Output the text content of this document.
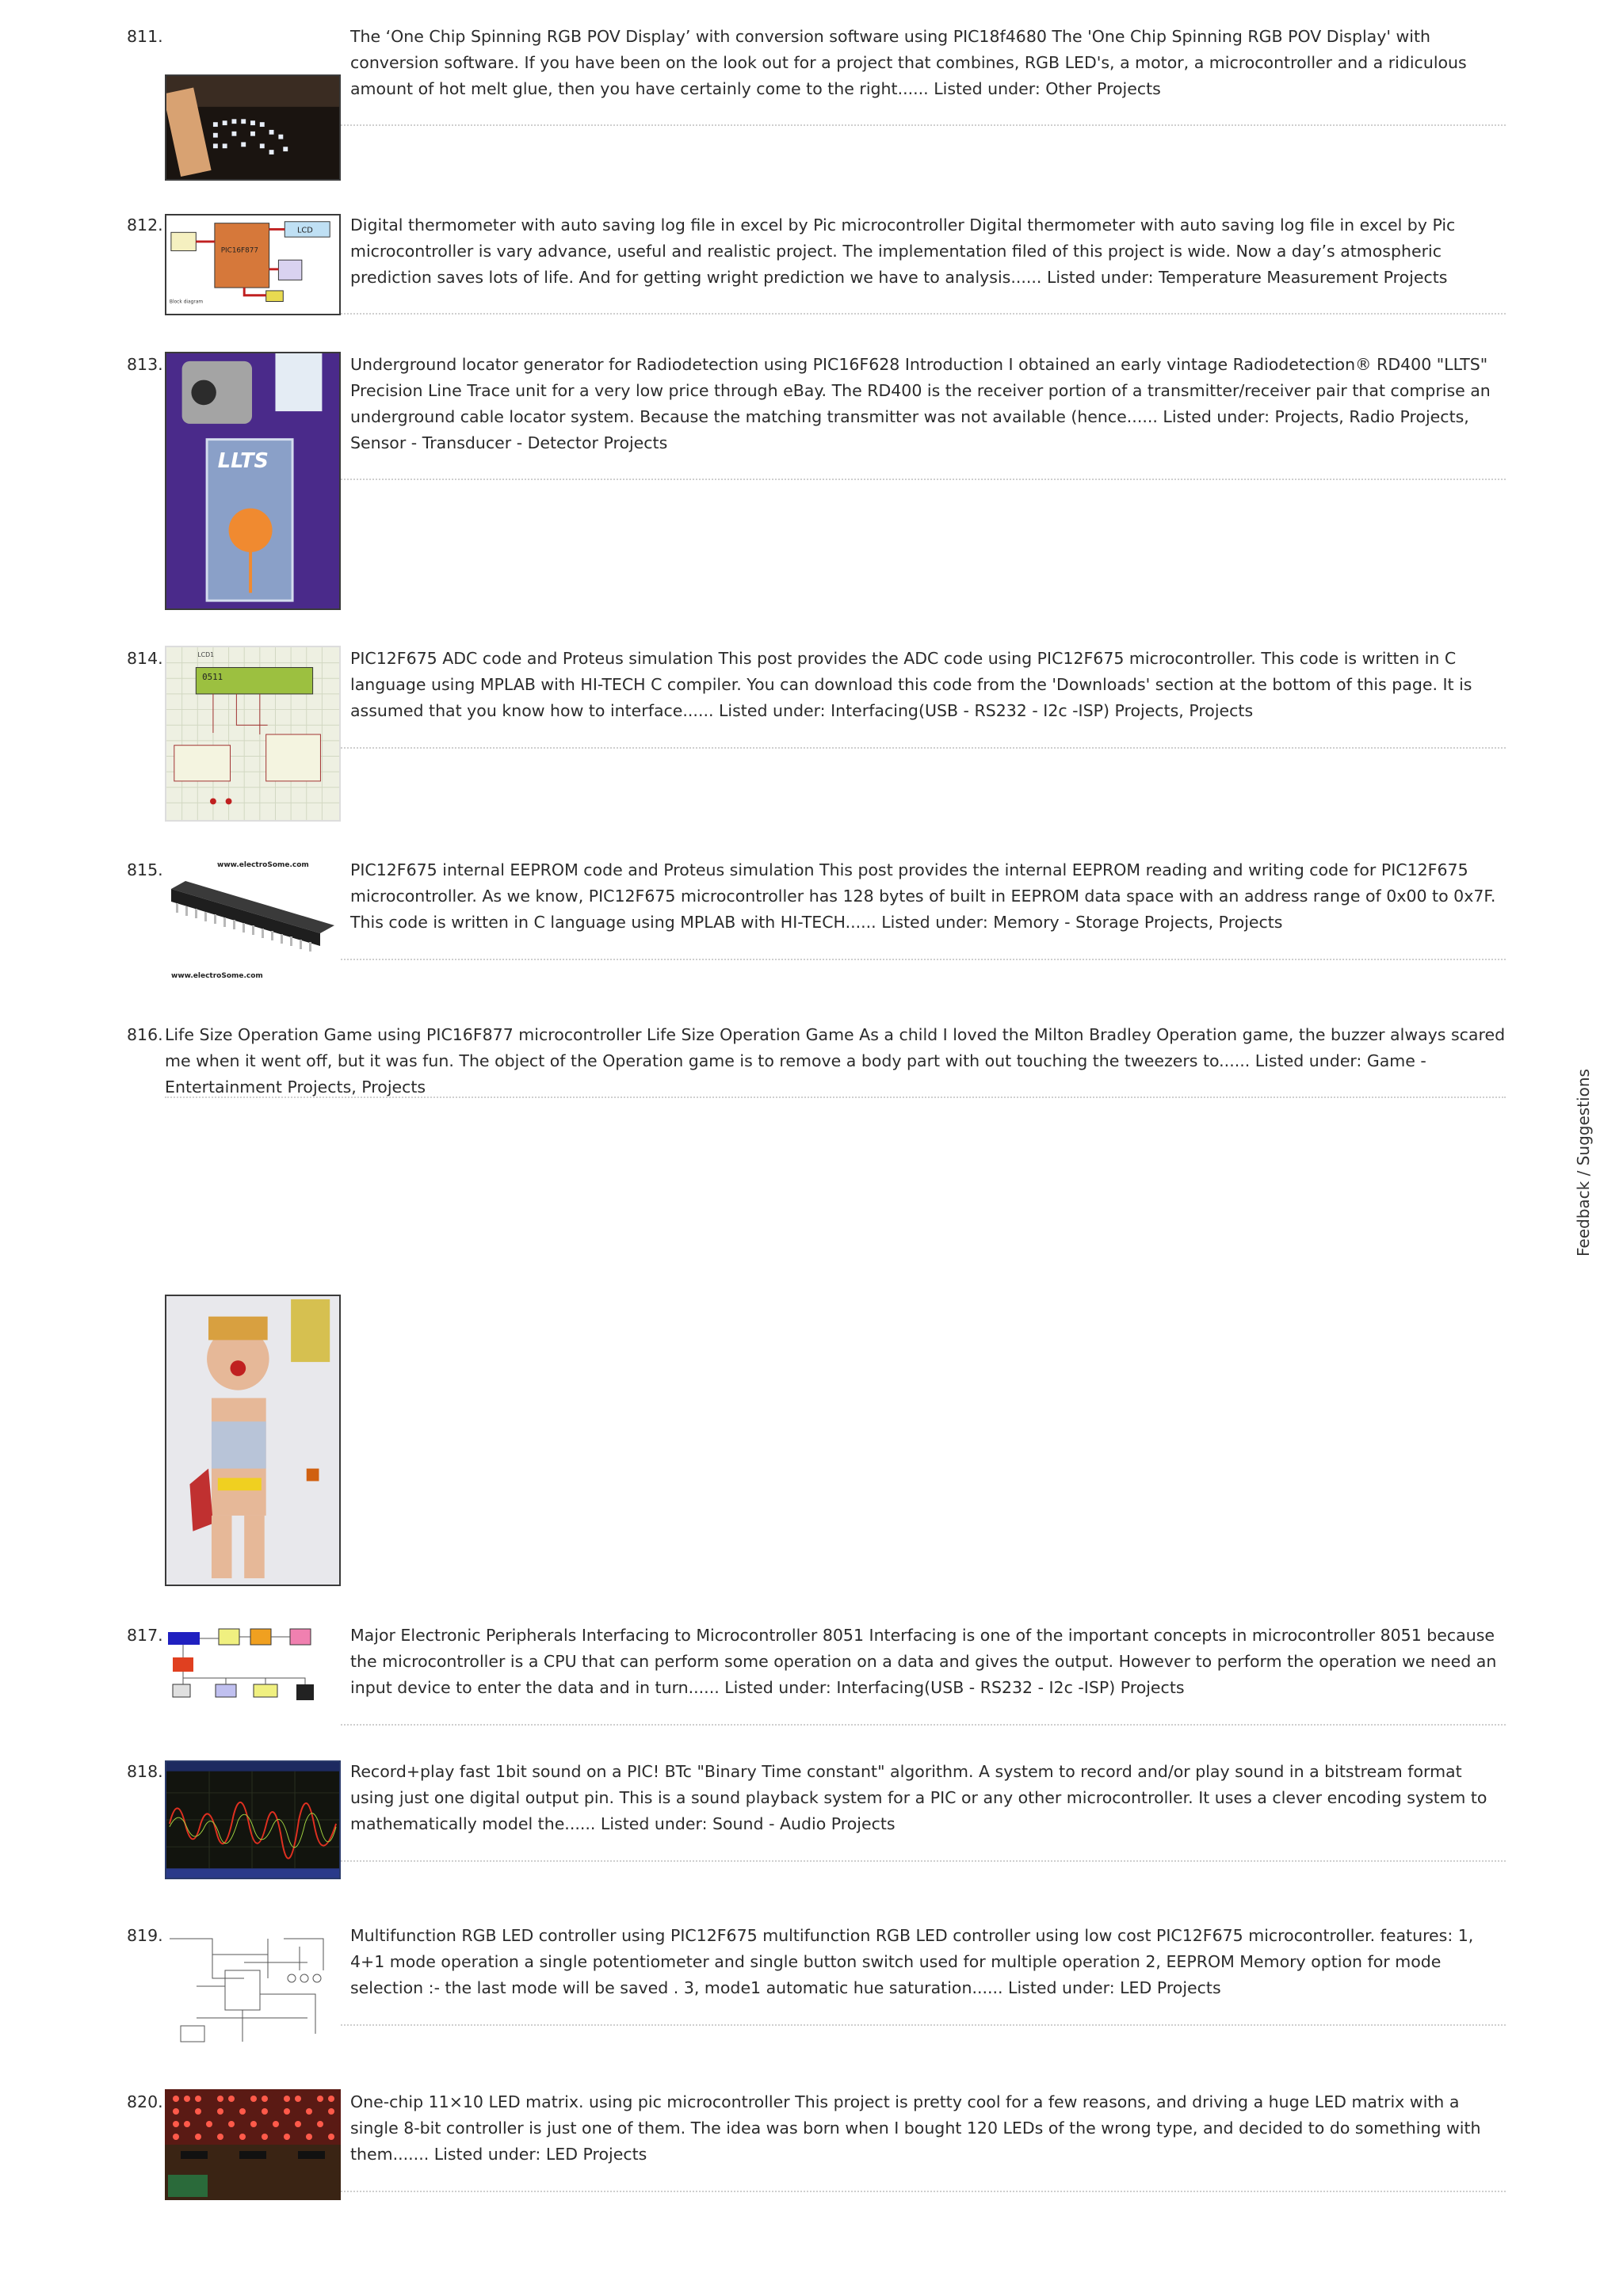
811.	The ‘One Chip Spinning RGB POV Display’ with conversion software using PIC18f4680 The 'One Chip Spinning RGB POV Display' with conversion software. If you have been on the look out for a project that combines, RGB LED's, a motor, a microcontroller and a ridiculous amount of hot melt glue, then you have certainly come to the right...... Listed under: Other Projects
812.
PIC16F877
LCD
Block diagram
Digital thermometer with auto saving log file in excel by Pic microcontroller Digital thermometer with auto saving log file in excel by Pic microcontroller is vary advance, useful and realistic project. The implementation filed of this project is wide. Now a day’s atmospheric prediction saves lots of life. And for getting wright prediction we have to analysis...... Listed under: Temperature Measurement Projects
813.
LLTS
Underground locator generator for Radiodetection using PIC16F628 Introduction I obtained an early vintage Radiodetection® RD400 "LLTS" Precision Line Trace unit for a very low price through eBay. The RD400 is the receiver portion of a transmitter/receiver pair that comprise an underground cable locator system. Because the matching transmitter was not available (hence...... Listed under: Projects, Radio Projects, Sensor - Transducer - Detector Projects
814.	LCD1
0511
PIC12F675 ADC code and Proteus simulation This post provides the ADC code using PIC12F675 microcontroller. This code is written in C language using MPLAB with HI-TECH C compiler. You can download this code from the 'Downloads' section at the bottom of this page. It is assumed that you know how to interface...... Listed under: Interfacing(USB - RS232 - I2c -ISP) Projects, Projects
815.	www.electroSome.com
www.electroSome.com
PIC12F675 internal EEPROM code and Proteus simulation This post provides the internal EEPROM reading and writing code for PIC12F675 microcontroller. As we know, PIC12F675 microcontroller has 128 bytes of built in EEPROM data space with an address range of 0x00 to 0x7F. This code is written in C language using MPLAB with HI-TECH...... Listed under: Memory - Storage Projects, Projects
816. Life Size Operation Game using PIC16F877 microcontroller Life Size Operation Game As a child I loved the Milton Bradley Operation game, the buzzer always scared me when it went off, but it was fun. The object of the Operation game is to remove a body part with out touching the tweezers to...... Listed under: Game - Entertainment Projects, Projects
817.	Major Electronic Peripherals Interfacing to Microcontroller 8051 Interfacing is one of the important concepts in microcontroller 8051 because the microcontroller is a CPU that can perform some operation on a data and gives the output. However to perform the operation we need an input device to enter the data and in turn...... Listed under: Interfacing(USB - RS232 - I2c -ISP) Projects
818.	Record+play fast 1bit sound on a PIC! BTc "Binary Time constant" algorithm. A system to record and/or play sound in a bitstream format using just one digital output pin. This is a sound playback system for a PIC or any other microcontroller. It uses a clever encoding system to mathematically model the...... Listed under: Sound - Audio Projects
819.	Multifunction RGB LED controller using PIC12F675 multifunction RGB LED controller using low cost PIC12F675 microcontroller. features: 1, 4+1 mode operation a single potentiometer and single button switch used for multiple operation 2, EEPROM Memory option for mode selection :- the last mode will be saved . 3, mode1 automatic hue saturation...... Listed under: LED Projects
820.	One-chip 11×10 LED matrix. using pic microcontroller This project is pretty cool for a few reasons, and driving a huge LED matrix with a single 8-bit controller is just one of them. The idea was born when I bought 120 LEDs of the wrong type, and decided to do something with them....... Listed under: LED Projects
Feedback / Suggestions
